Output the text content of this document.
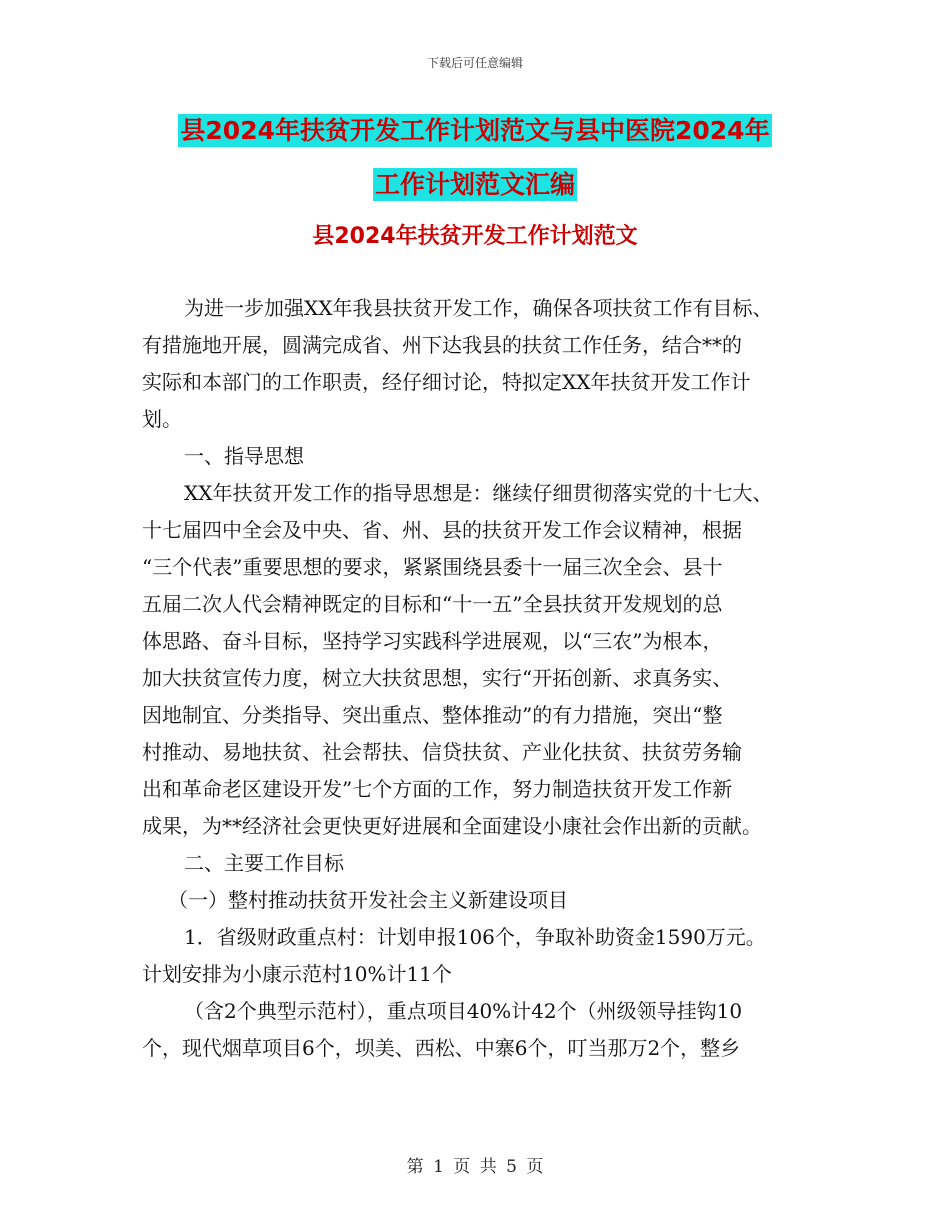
下载后可任意编辑
县2024年扶贫开发工作计划范文与县中医院2024年
工作计划范文汇编
县2024年扶贫开发工作计划范文
为进一步加强XX年我县扶贫开发工作，确保各项扶贫工作有目标、
有措施地开展，圆满完成省、州下达我县的扶贫工作任务，结合**的
实际和本部门的工作职责，经仔细讨论，特拟定XX年扶贫开发工作计
划。
一、指导思想
XX年扶贫开发工作的指导思想是：继续仔细贯彻落实党的十七大、
十七届四中全会及中央、省、州、县的扶贫开发工作会议精神，根据
“三个代表”重要思想的要求，紧紧围绕县委十一届三次全会、县十
五届二次人代会精神既定的目标和“十一五”全县扶贫开发规划的总
体思路、奋斗目标，坚持学习实践科学进展观，以“三农”为根本，
加大扶贫宣传力度，树立大扶贫思想，实行“开拓创新、求真务实、
因地制宜、分类指导、突出重点、整体推动”的有力措施，突出“整
村推动、易地扶贫、社会帮扶、信贷扶贫、产业化扶贫、扶贫劳务输
出和革命老区建设开发”七个方面的工作，努力制造扶贫开发工作新
成果，为**经济社会更快更好进展和全面建设小康社会作出新的贡献。
二、主要工作目标
（一）整村推动扶贫开发社会主义新建设项目
1．省级财政重点村：计划申报106个，争取补助资金1590万元。
计划安排为小康示范村10%计11个
（含2个典型示范村），重点项目40%计42个（州级领导挂钩10
个，现代烟草项目6个，坝美、西松、中寨6个，叮当那万2个，整乡
第 1 页 共 5 页
